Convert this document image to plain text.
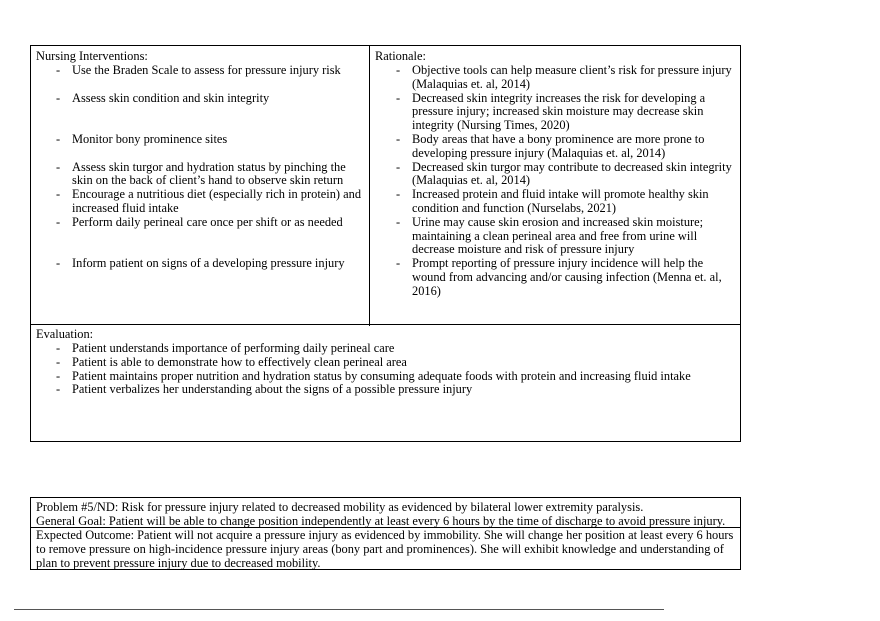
Nursing Interventions:
- Use the Braden Scale to assess for pressure injury risk
- Assess skin condition and skin integrity
- Monitor bony prominence sites
- Assess skin turgor and hydration status by pinching the skin on the back of client’s hand to observe skin return
- Encourage a nutritious diet (especially rich in protein) and increased fluid intake
- Perform daily perineal care once per shift or as needed
- Inform patient on signs of a developing pressure injury
Rationale:
- Objective tools can help measure client’s risk for pressure injury (Malaquias et. al, 2014)
- Decreased skin integrity increases the risk for developing a pressure injury; increased skin moisture may decrease skin integrity (Nursing Times, 2020)
- Body areas that have a bony prominence are more prone to developing pressure injury (Malaquias et. al, 2014)
- Decreased skin turgor may contribute to decreased skin integrity (Malaquias et. al, 2014)
- Increased protein and fluid intake will promote healthy skin condition and function (Nurselabs, 2021)
- Urine may cause skin erosion and increased skin moisture; maintaining a clean perineal area and free from urine will decrease moisture and risk of pressure injury
- Prompt reporting of pressure injury incidence will help the wound from advancing and/or causing infection (Menna et. al, 2016)
Evaluation:
- Patient understands importance of performing daily perineal care
- Patient is able to demonstrate how to effectively clean perineal area
- Patient maintains proper nutrition and hydration status by consuming adequate foods with protein and increasing fluid intake
- Patient verbalizes her understanding about the signs of a possible pressure injury
Problem #5/ND: Risk for pressure injury related to decreased mobility as evidenced by bilateral lower extremity paralysis.
General Goal: Patient will be able to change position independently at least every 6 hours by the time of discharge to avoid pressure injury.
Expected Outcome: Patient will not acquire a pressure injury as evidenced by immobility. She will change her position at least every 6 hours to remove pressure on high-incidence pressure injury areas (bony part and prominences). She will exhibit knowledge and understanding of plan to prevent pressure injury due to decreased mobility.
